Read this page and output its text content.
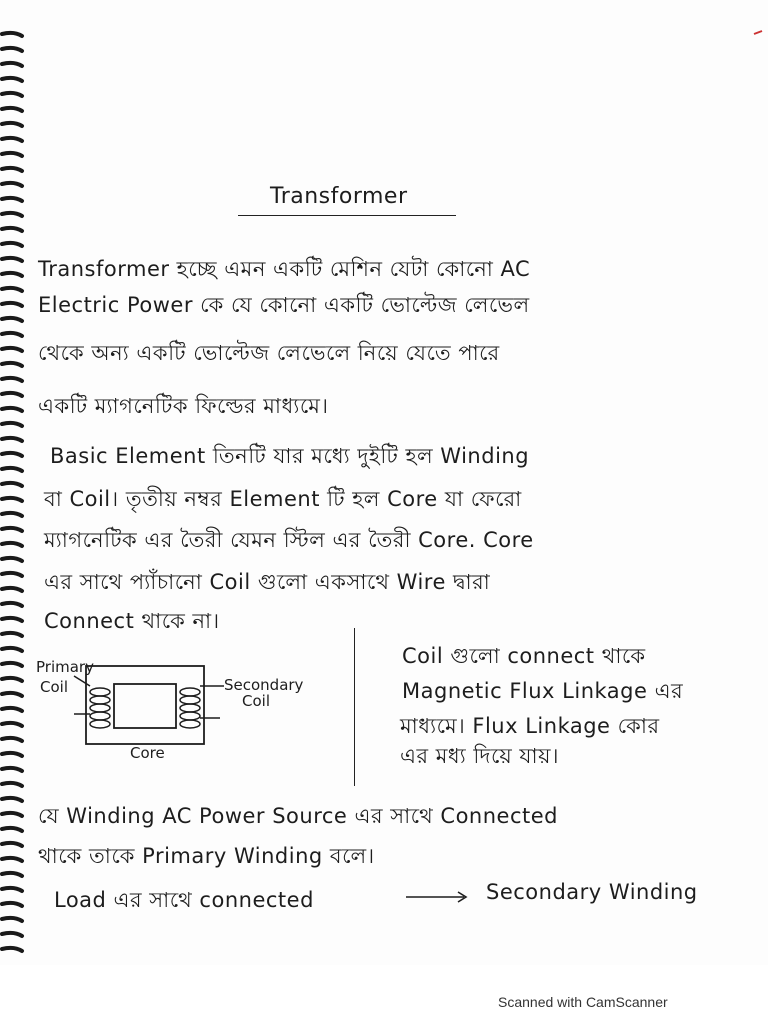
Transformer
Transformer হচ্ছে এমন একটি মেশিন যেটা কোনো AC
Electric Power কে যে কোনো একটি ভোল্টেজ লেভেল
থেকে অন্য একটি ভোল্টেজ লেভেলে নিয়ে যেতে পারে
একটি ম্যাগনেটিক ফিল্ডের মাধ্যমে।
Basic Element তিনটি যার মধ্যে দুইটি হল Winding
বা Coil। তৃতীয় নম্বর Element টি হল Core যা ফেরো
ম্যাগনেটিক এর তৈরী যেমন স্টিল এর তৈরী Core. Core
এর সাথে প্যাঁচানো Coil গুলো একসাথে Wire দ্বারা
Connect থাকে না।
Primary
Coil	Secondary
Coil
Core
Coil গুলো connect থাকে
Magnetic Flux Linkage এর
মাধ্যমে। Flux Linkage কোর
এর মধ্য দিয়ে যায়।
যে Winding AC Power Source এর সাথে Connected
থাকে তাকে Primary Winding বলে।
Load এর সাথে connected	Secondary Winding
Scanned with CamScanner
